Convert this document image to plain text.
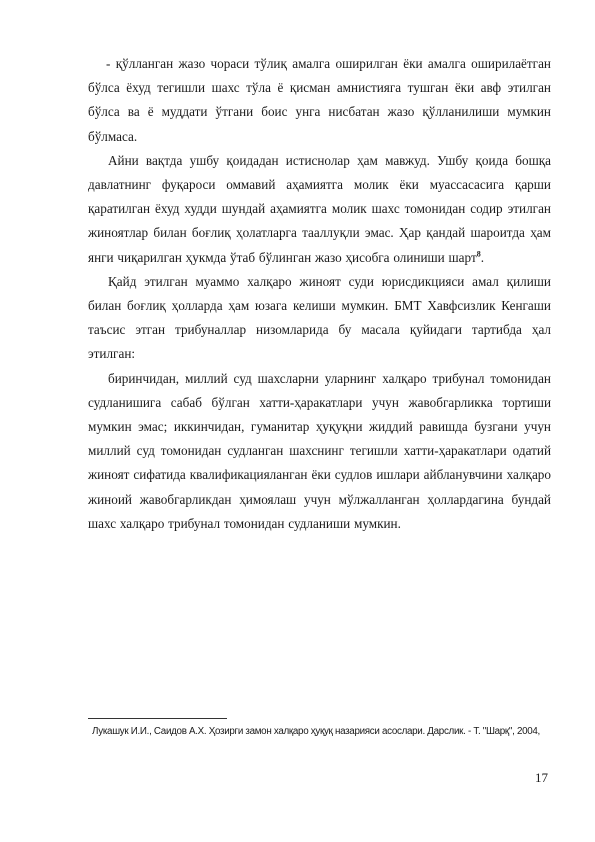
- қўлланган жазо чораси тўлиқ амалга оширилган ёки амалга оширилаётган бўлса ёхуд тегишли шахс тўла ё қисман амнистияга тушган ёки авф этилган бўлса ва ё муддати ўтгани боис унга нисбатан жазо қўлланилиши мумкин бўлмаса.

Айни вақтда ушбу қоидадан истиснолар ҳам мавжуд. Ушбу қоида бошқа давлатнинг фуқароси оммавий аҳамиятга молик ёки муассасасига қарши қаратилган ёхуд худди шундай аҳамиятга молик шахс томонидан содир этилган жиноятлар билан боғлиқ ҳолатларга тааллуқли эмас. Ҳар қандай шароитда ҳам янги чиқарилган ҳукмда ўтаб бўлинган жазо ҳисобга олиниши шарт$^8$.

Қайд этилган муаммо халқаро жиноят суди юрисдикцияси амал қилиши билан боғлиқ ҳолларда ҳам юзага келиши мумкин. БМТ Хавфсизлик Кенгаши таъсис этган трибуналлар низомларида бу масала қуйидаги тартибда ҳал этилган:

биринчидан, миллий суд шахсларни уларнинг халқаро трибунал томонидан судланишига сабаб бўлган хатти-ҳаракатлари учун жавобгарликка тортиши мумкин эмас; иккинчидан, гуманитар ҳуқуқни жиддий равишда бузгани учун миллий суд томонидан судланган шахснинг тегишли хатти-ҳаракатлари одатий жиноят сифатида квалификацияланган ёки судлов ишлари айбланувчини халқаро жиноий жавобгарликдан ҳимоялаш учун мўлжалланган ҳоллардагина бундай шахс халқаро трибунал томонидан судланиши мумкин.

Лукашук И.И., Саидов А.Х. Ҳозирги замон халқаро ҳуқуқ назарияси асослари. Дарслик. - Т. "Шарқ", 2004,
17
